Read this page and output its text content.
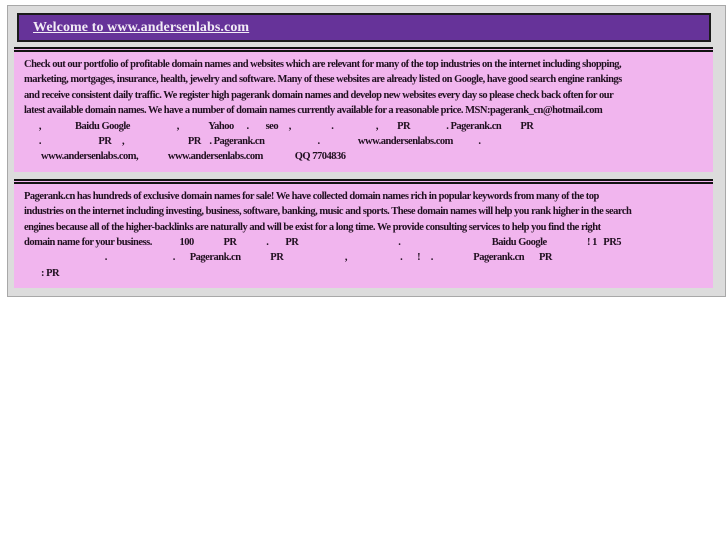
Welcome to www.andersenlabs.com
Check out our portfolio of profitable domain names and websites which are relevant for many of the top industries on the internet including shopping,
marketing, mortgages, insurance, health, jewelry and software. Many of these websites are already listed on Google, have good search engine rankings
and receive consistent daily traffic. We register high pagerank domain names and develop new websites every day so please check back often for our
latest available domain names. We have a number of domain names currently available for a reasonable price. MSN:pagerank_cn@hotmail.com
,                Baidu Google                      ,              Yahoo      .        seo     ,                   .                    ,         PR                 . Pagerank.cn         PR
.                           PR     ,                              PR    . Pagerank.cn                         .                  www.andersenlabs.com            .
www.andersenlabs.com,              www.andersenlabs.com               QQ 7704836
Pagerank.cn has hundreds of exclusive domain names for sale! We have collected domain names rich in popular keywords from many of the top
industries on the internet including investing, business, software, banking, music and sports. These domain names will help you rank higher in the search
engines because all of the higher-backlinks are naturally and will be exist for a long time. We provide consulting services to help you find the right
domain name for your business.             100              PR              .        PR                                               .                                           Baidu Google                   ! 1   PR5
.                               .       Pagerank.cn              PR                             ,                         .       !     .                   Pagerank.cn       PR
: PR
